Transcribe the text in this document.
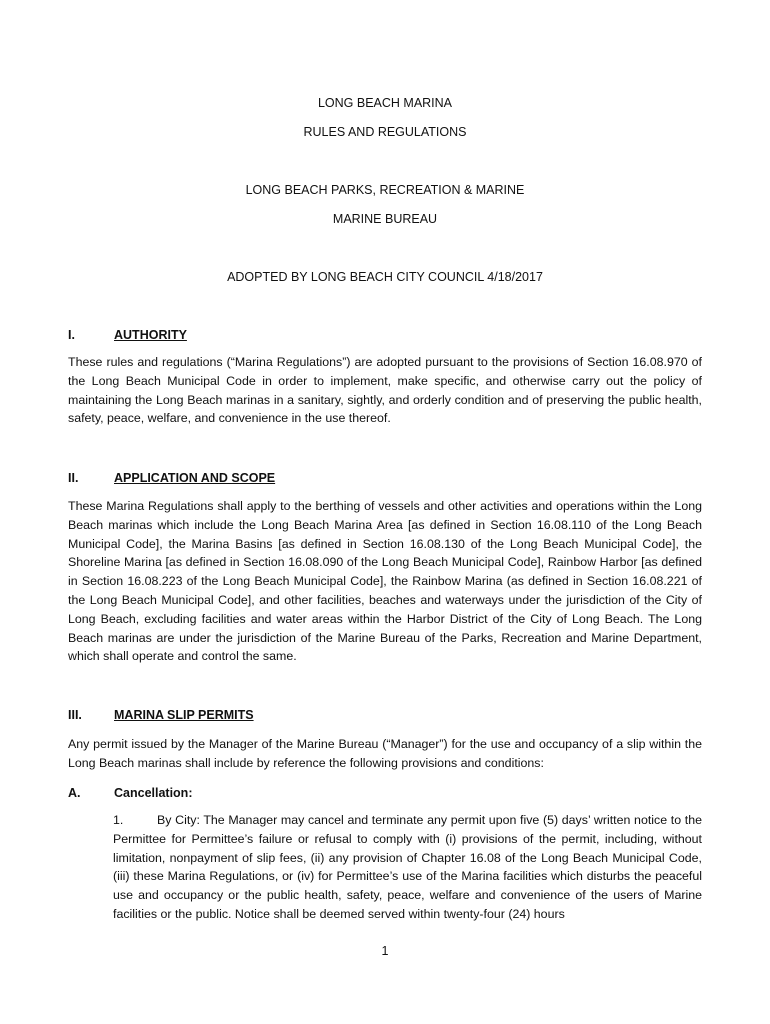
LONG BEACH MARINA
RULES AND REGULATIONS
LONG BEACH PARKS, RECREATION & MARINE
MARINE BUREAU
ADOPTED BY LONG BEACH CITY COUNCIL 4/18/2017
I.	AUTHORITY
These rules and regulations (“Marina Regulations”) are adopted pursuant to the provisions of Section 16.08.970 of the Long Beach Municipal Code in order to implement, make specific, and otherwise carry out the policy of maintaining the Long Beach marinas in a sanitary, sightly, and orderly condition and of preserving the public health, safety, peace, welfare, and convenience in the use thereof.
II.	APPLICATION AND SCOPE
These Marina Regulations shall apply to the berthing of vessels and other activities and operations within the Long Beach marinas which include the Long Beach Marina Area [as defined in Section 16.08.110 of the Long Beach Municipal Code], the Marina Basins [as defined in Section 16.08.130 of the Long Beach Municipal Code], the Shoreline Marina [as defined in Section 16.08.090 of the Long Beach Municipal Code], Rainbow Harbor [as defined in Section 16.08.223 of the Long Beach Municipal Code], the Rainbow Marina (as defined in Section 16.08.221 of the Long Beach Municipal Code], and other facilities, beaches and waterways under the jurisdiction of the City of Long Beach, excluding facilities and water areas within the Harbor District of the City of Long Beach. The Long Beach marinas are under the jurisdiction of the Marine Bureau of the Parks, Recreation and Marine Department, which shall operate and control the same.
III.	MARINA SLIP PERMITS
Any permit issued by the Manager of the Marine Bureau (“Manager”) for the use and occupancy of a slip within the Long Beach marinas shall include by reference the following provisions and conditions:
A.	Cancellation:
1.	By City: The Manager may cancel and terminate any permit upon five (5) days’ written notice to the Permittee for Permittee’s failure or refusal to comply with (i) provisions of the permit, including, without limitation, nonpayment of slip fees, (ii) any provision of Chapter 16.08 of the Long Beach Municipal Code, (iii) these Marina Regulations, or (iv) for Permittee’s use of the Marina facilities which disturbs the peaceful use and occupancy or the public health, safety, peace, welfare and convenience of the users of Marine facilities or the public. Notice shall be deemed served within twenty-four (24) hours
1
